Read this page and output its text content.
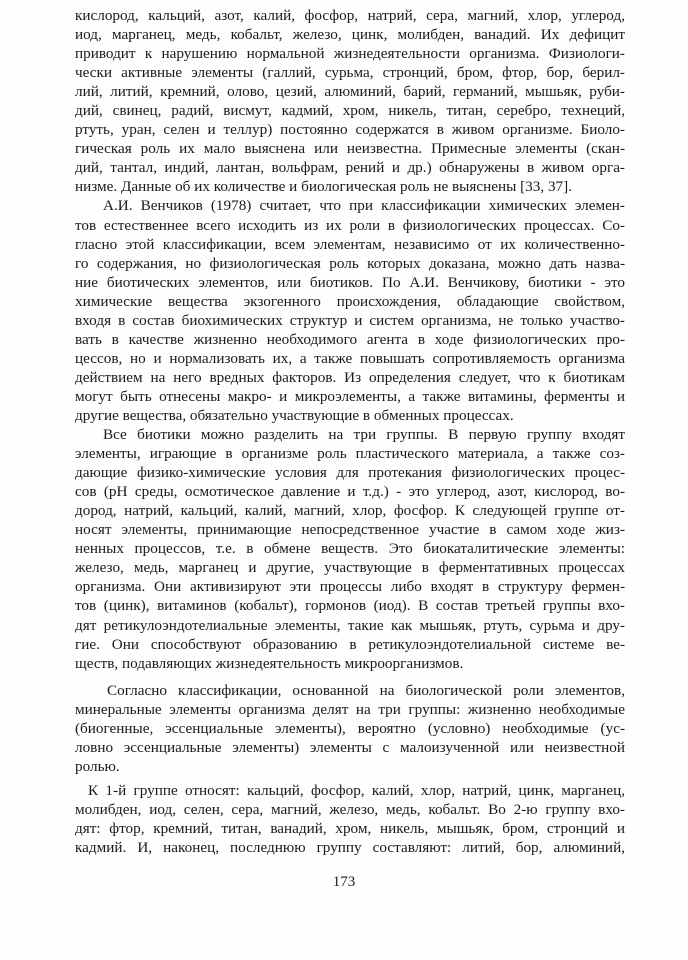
кислород, кальций, азот, калий, фосфор, натрий, сера, магний, хлор, углерод,
иод, марганец, медь, кобальт, железо, цинк, молибден, ванадий. Их дефицит
приводит к нарушению нормальной жизнедеятельности организма. Физиологи-
чески активные элементы (галлий, сурьма, стронций, бром, фтор, бор, берил-
лий, литий, кремний, олово, цезий, алюминий, барий, германий, мышьяк, руби-
дий, свинец, радий, висмут, кадмий, хром, никель, титан, серебро, технеций,
ртуть, уран, селен и теллур) постоянно содержатся в живом организме. Биоло-
гическая роль их мало выяснена или неизвестна. Примесные элементы (скан-
дий, тантал, индий, лантан, вольфрам, рений и др.) обнаружены в живом орга-
низме. Данные об их количестве и биологическая роль не выяснены [33, 37].
А.И. Венчиков (1978) считает, что при классификации химических элемен-
тов естественнее всего исходить из их роли в физиологических процессах. Со-
гласно этой классификации, всем элементам, независимо от их количественно-
го содержания, но физиологическая роль которых доказана, можно дать назва-
ние биотических элементов, или биотиков. По А.И. Венчикову, биотики - это
химические вещества экзогенного происхождения, обладающие свойством,
входя в состав биохимических структур и систем организма, не только участво-
вать в качестве жизненно необходимого агента в ходе физиологических про-
цессов, но и нормализовать их, а также повышать сопротивляемость организма
действием на него вредных факторов. Из определения следует, что к биотикам
могут быть отнесены макро- и микроэлементы, а также витамины, ферменты и
другие вещества, обязательно участвующие в обменных процессах.
Все биотики можно разделить на три группы. В первую группу входят
элементы, играющие в организме роль пластического материала, а также соз-
дающие физико-химические условия для протекания физиологических процес-
сов (pH среды, осмотическое давление и т.д.) - это углерод, азот, кислород, во-
дород, натрий, кальций, калий, магний, хлор, фосфор. К следующей группе от-
носят элементы, принимающие непосредственное участие в самом ходе жиз-
ненных процессов, т.е. в обмене веществ. Это биокаталитические элементы:
железо, медь, марганец и другие, участвующие в ферментативных процессах
организма. Они активизируют эти процессы либо входят в структуру фермен-
тов (цинк), витаминов (кобальт), гормонов (иод). В состав третьей группы вхо-
дят ретикулоэндотелиальные элементы, такие как мышьяк, ртуть, сурьма и дру-
гие. Они способствуют образованию в ретикулоэндотелиальной системе ве-
ществ, подавляющих жизнедеятельность микроорганизмов.
Согласно классификации, основанной на биологической роли элементов,
минеральные элементы организма делят на три группы: жизненно необходимые
(биогенные, эссенциальные элементы), вероятно (условно) необходимые (ус-
ловно эссенциальные элементы) элементы с малоизученной или неизвестной
ролью.
К 1-й группе относят: кальций, фосфор, калий, хлор, натрий, цинк, марганец,
молибден, иод, селен, сера, магний, железо, медь, кобальт. Во 2-ю группу вхо-
дят: фтор, кремний, титан, ванадий, хром, никель, мышьяк, бром, стронций и
кадмий. И, наконец, последнюю группу составляют: литий, бор, алюминий,
173
